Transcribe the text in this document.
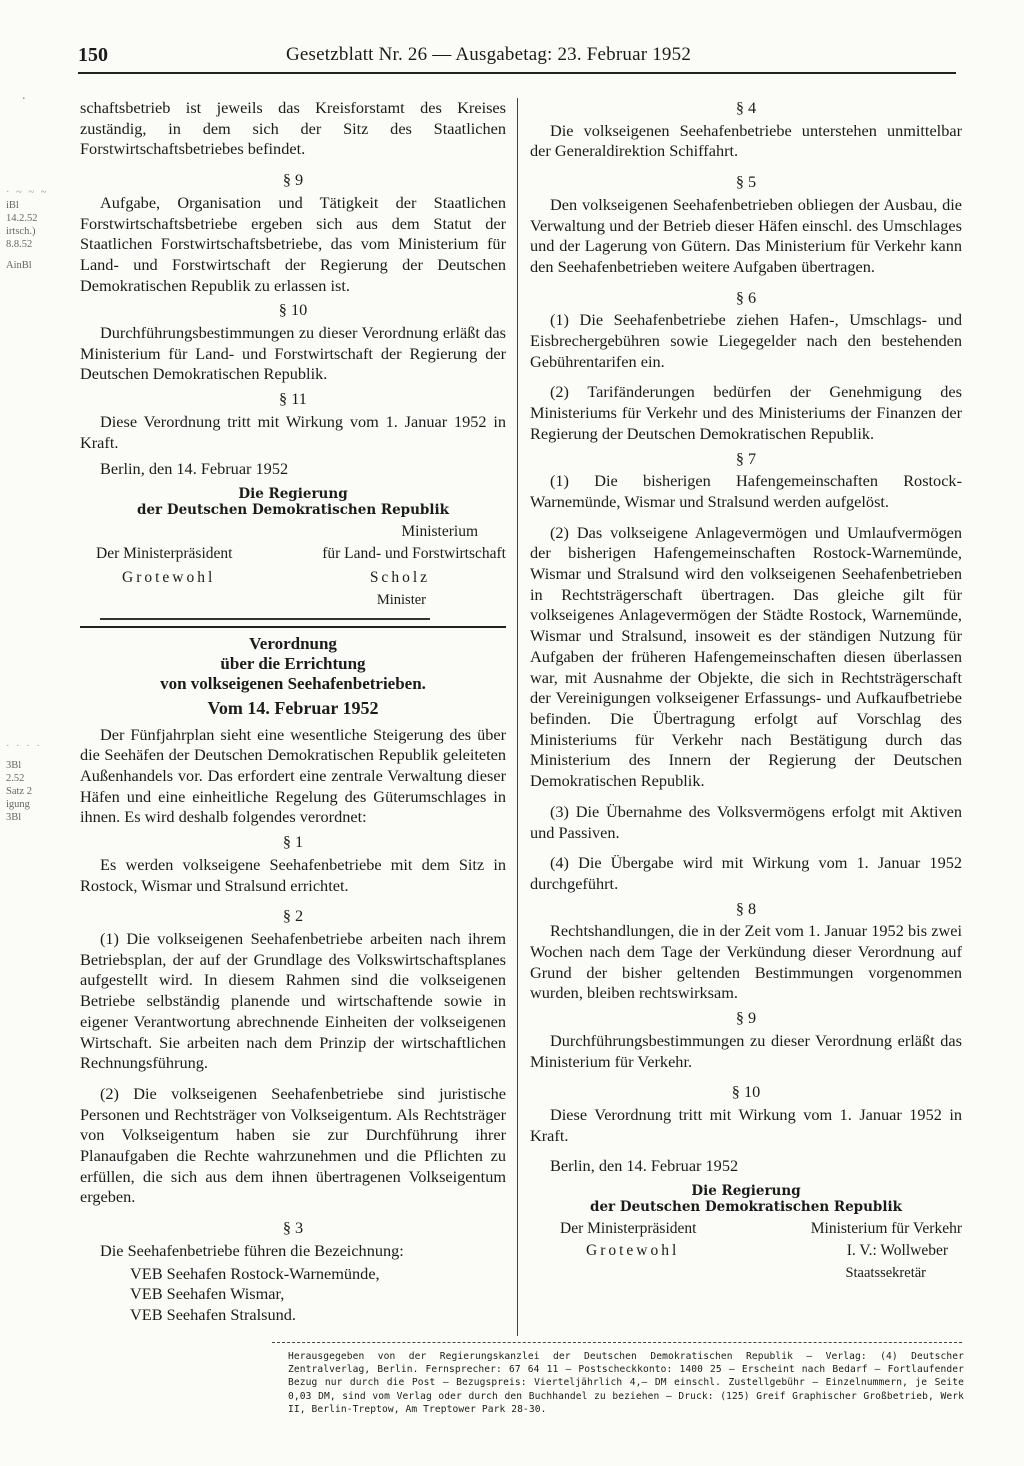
150	Gesetzblatt Nr. 26 — Ausgabetag: 23. Februar 1952
.
· ~ ~ ~
iBl
14.2.52
irtsch.)
8.8.52
AinBl
· · · ·
3Bl
2.52
Satz 2
igung
3Bl

schaftsbetrieb ist jeweils das Kreisforstamt des Kreises zuständig, in dem sich der Sitz des Staatlichen Forstwirtschaftsbetriebes befindet.

§ 9

Aufgabe, Organisation und Tätigkeit der Staatlichen Forstwirtschaftsbetriebe ergeben sich aus dem Statut der Staatlichen Forstwirtschaftsbetriebe, das vom Ministerium für Land- und Forstwirtschaft der Regierung der Deutschen Demokratischen Republik zu erlassen ist.

§ 10

Durchführungsbestimmungen zu dieser Verordnung erläßt das Ministerium für Land- und Forstwirtschaft der Regierung der Deutschen Demokratischen Republik.

§ 11

Diese Verordnung tritt mit Wirkung vom 1. Januar 1952 in Kraft.

Berlin, den 14. Februar 1952
Die Regierung
der Deutschen Demokratischen Republik
Ministerium
Der Ministerpräsident	für Land- und Forstwirtschaft
Grotewohl	Scholz
Minister
Verordnung
über die Errichtung
von volkseigenen Seehafenbetrieben.
Vom 14. Februar 1952

Der Fünfjahrplan sieht eine wesentliche Steigerung des über die Seehäfen der Deutschen Demokratischen Republik geleiteten Außenhandels vor. Das erfordert eine zentrale Verwaltung dieser Häfen und eine einheitliche Regelung des Güterumschlages in ihnen. Es wird deshalb folgendes verordnet:

§ 1

Es werden volkseigene Seehafenbetriebe mit dem Sitz in Rostock, Wismar und Stralsund errichtet.

§ 2

(1) Die volkseigenen Seehafenbetriebe arbeiten nach ihrem Betriebsplan, der auf der Grundlage des Volkswirtschaftsplanes aufgestellt wird. In diesem Rahmen sind die volkseigenen Betriebe selbständig planende und wirtschaftende sowie in eigener Verantwortung abrechnende Einheiten der volkseigenen Wirtschaft. Sie arbeiten nach dem Prinzip der wirtschaftlichen Rechnungsführung.

(2) Die volkseigenen Seehafenbetriebe sind juristische Personen und Rechtsträger von Volkseigentum. Als Rechtsträger von Volkseigentum haben sie zur Durchführung ihrer Planaufgaben die Rechte wahrzunehmen und die Pflichten zu erfüllen, die sich aus dem ihnen übertragenen Volkseigentum ergeben.

§ 3

Die Seehafenbetriebe führen die Bezeichnung:

VEB Seehafen Rostock-Warnemünde,
VEB Seehafen Wismar,
VEB Seehafen Stralsund.
§ 4

Die volkseigenen Seehafenbetriebe unterstehen unmittelbar der Generaldirektion Schiffahrt.

§ 5

Den volkseigenen Seehafenbetrieben obliegen der Ausbau, die Verwaltung und der Betrieb dieser Häfen einschl. des Umschlages und der Lagerung von Gütern. Das Ministerium für Verkehr kann den Seehafenbetrieben weitere Aufgaben übertragen.

§ 6

(1) Die Seehafenbetriebe ziehen Hafen-, Umschlags- und Eisbrechergebühren sowie Liegegelder nach den bestehenden Gebührentarifen ein.

(2) Tarifänderungen bedürfen der Genehmigung des Ministeriums für Verkehr und des Ministeriums der Finanzen der Regierung der Deutschen Demokratischen Republik.

§ 7

(1) Die bisherigen Hafengemeinschaften Rostock-Warnemünde, Wismar und Stralsund werden aufgelöst.

(2) Das volkseigene Anlagevermögen und Umlaufvermögen der bisherigen Hafengemeinschaften Rostock-Warnemünde, Wismar und Stralsund wird den volkseigenen Seehafenbetrieben in Rechtsträgerschaft übertragen. Das gleiche gilt für volkseigenes Anlagevermögen der Städte Rostock, Warnemünde, Wismar und Stralsund, insoweit es der ständigen Nutzung für Aufgaben der früheren Hafengemeinschaften diesen überlassen war, mit Ausnahme der Objekte, die sich in Rechtsträgerschaft der Vereinigungen volkseigener Erfassungs- und Aufkaufbetriebe befinden. Die Übertragung erfolgt auf Vorschlag des Ministeriums für Verkehr nach Bestätigung durch das Ministerium des Innern der Regierung der Deutschen Demokratischen Republik.

(3) Die Übernahme des Volksvermögens erfolgt mit Aktiven und Passiven.

(4) Die Übergabe wird mit Wirkung vom 1. Januar 1952 durchgeführt.

§ 8

Rechtshandlungen, die in der Zeit vom 1. Januar 1952 bis zwei Wochen nach dem Tage der Verkündung dieser Verordnung auf Grund der bisher geltenden Bestimmungen vorgenommen wurden, bleiben rechtswirksam.

§ 9

Durchführungsbestimmungen zu dieser Verordnung erläßt das Ministerium für Verkehr.

§ 10

Diese Verordnung tritt mit Wirkung vom 1. Januar 1952 in Kraft.

Berlin, den 14. Februar 1952
Die Regierung
der Deutschen Demokratischen Republik
Der Ministerpräsident	Ministerium für Verkehr
Grotewohl	I. V.: Wollweber
Staatssekretär
Herausgegeben von der Regierungskanzlei der Deutschen Demokratischen Republik — Verlag: (4) Deutscher Zentralverlag, Berlin. Fernsprecher: 67 64 11 — Postscheckkonto: 1400 25 — Erscheint nach Bedarf — Fortlaufender Bezug nur durch die Post — Bezugspreis: Vierteljährlich 4,— DM einschl. Zustellgebühr — Einzelnummern, je Seite 0,03 DM, sind vom Verlag oder durch den Buchhandel zu beziehen — Druck: (125) Greif Graphischer Großbetrieb, Werk II, Berlin-Treptow, Am Treptower Park 28-30.
